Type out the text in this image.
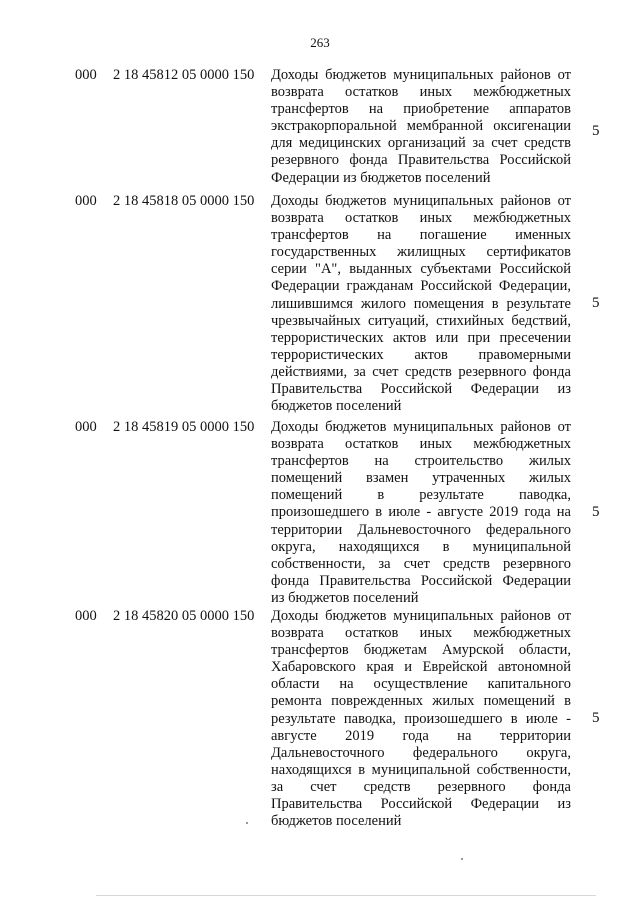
263
000	2 18 45812 05 0000 150	Доходы бюджетов муниципальных районов от
возврата остатков иных межбюджетных
трансфертов на приобретение аппаратов
экстракорпоральной мембранной оксигенации
для медицинских организаций за счет средств
резервного фонда Правительства Российской
Федерации из бюджетов поселений
5
000	2 18 45818 05 0000 150	Доходы бюджетов муниципальных районов от
возврата остатков иных межбюджетных
трансфертов на погашение именных
государственных жилищных сертификатов
серии "А", выданных субъектами Российской
Федерации гражданам Российской Федерации,
лишившимся жилого помещения в результате
чрезвычайных ситуаций, стихийных бедствий,
террористических актов или при пресечении
террористических актов правомерными
действиями, за счет средств резервного фонда
Правительства Российской Федерации из
бюджетов поселений
5
000	2 18 45819 05 0000 150	Доходы бюджетов муниципальных районов от
возврата остатков иных межбюджетных
трансфертов на строительство жилых
помещений взамен утраченных жилых
помещений в результате паводка,
произошедшего в июле - августе 2019 года на
территории Дальневосточного федерального
округа, находящихся в муниципальной
собственности, за счет средств резервного
фонда Правительства Российской Федерации
из бюджетов поселений
5
000	2 18 45820 05 0000 150	Доходы бюджетов муниципальных районов от
возврата остатков иных межбюджетных
трансфертов бюджетам Амурской области,
Хабаровского края и Еврейской автономной
области на осуществление капитального
ремонта поврежденных жилых помещений в
результате паводка, произошедшего в июле -
августе 2019 года на территории
Дальневосточного федерального округа,
находящихся в муниципальной собственности,
за счет средств резервного фонда
Правительства Российской Федерации из
бюджетов поселений
5
